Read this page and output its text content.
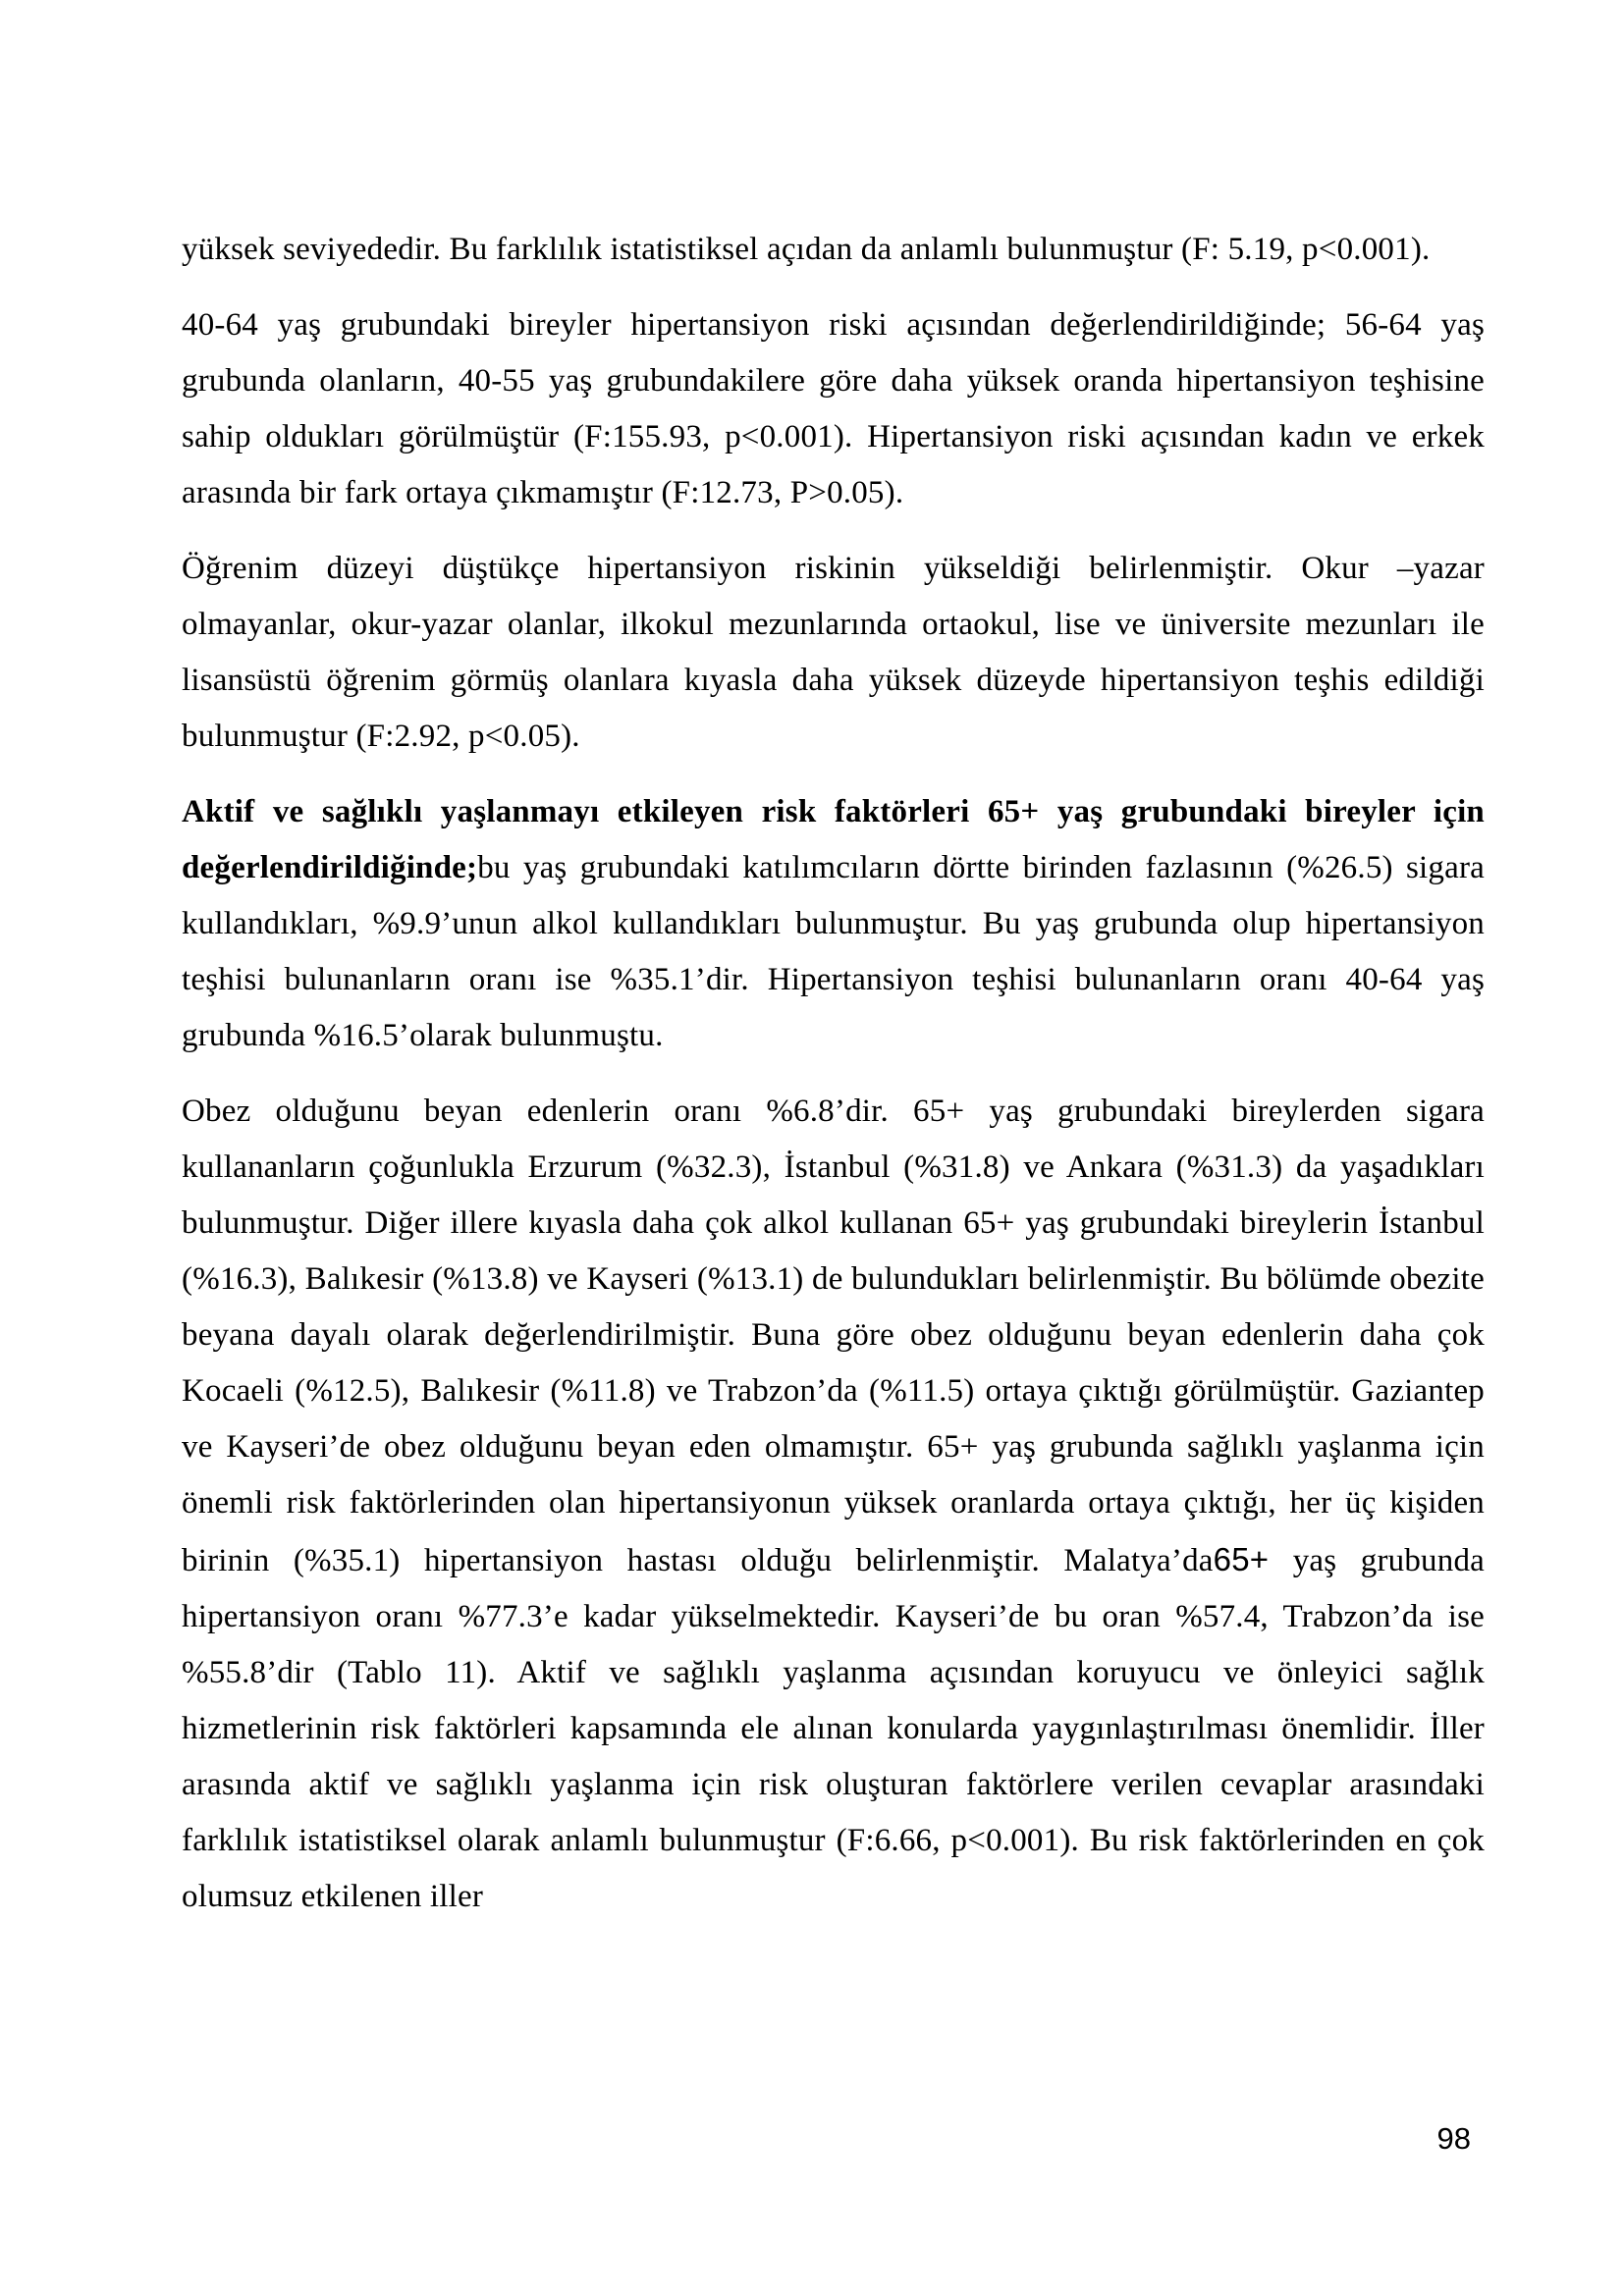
yüksek seviyededir. Bu farklılık istatistiksel açıdan da anlamlı bulunmuştur (F: 5.19, p<0.001).

40-64 yaş grubundaki bireyler hipertansiyon riski açısından değerlendirildiğinde; 56-64 yaş grubunda olanların, 40-55 yaş grubundakilere göre daha yüksek oranda hipertansiyon teşhisine sahip oldukları görülmüştür (F:155.93, p<0.001). Hipertansiyon riski açısından kadın ve erkek arasında bir fark ortaya çıkmamıştır (F:12.73, P>0.05).

Öğrenim düzeyi düştükçe hipertansiyon riskinin yükseldiği belirlenmiştir. Okur –yazar olmayanlar, okur-yazar olanlar, ilkokul mezunlarında ortaokul, lise ve üniversite mezunları ile lisansüstü öğrenim görmüş olanlara kıyasla daha yüksek düzeyde hipertansiyon teşhis edildiği bulunmuştur (F:2.92, p<0.05).

Aktif ve sağlıklı yaşlanmayı etkileyen risk faktörleri 65+ yaş grubundaki bireyler için değerlendirildiğinde;bu yaş grubundaki katılımcıların dörtte birinden fazlasının (%26.5) sigara kullandıkları, %9.9’unun alkol kullandıkları bulunmuştur. Bu yaş grubunda olup hipertansiyon teşhisi bulunanların oranı ise %35.1’dir. Hipertansiyon teşhisi bulunanların oranı 40-64 yaş grubunda %16.5’olarak bulunmuştu.

Obez olduğunu beyan edenlerin oranı %6.8’dir. 65+ yaş grubundaki bireylerden sigara kullananların çoğunlukla Erzurum (%32.3), İstanbul (%31.8) ve Ankara (%31.3) da yaşadıkları bulunmuştur. Diğer illere kıyasla daha çok alkol kullanan 65+ yaş grubundaki bireylerin İstanbul (%16.3), Balıkesir (%13.8) ve Kayseri (%13.1) de bulundukları belirlenmiştir. Bu bölümde obezite beyana dayalı olarak değerlendirilmiştir. Buna göre obez olduğunu beyan edenlerin daha çok Kocaeli (%12.5), Balıkesir (%11.8) ve Trabzon’da (%11.5) ortaya çıktığı görülmüştür. Gaziantep ve Kayseri’de obez olduğunu beyan eden olmamıştır. 65+ yaş grubunda sağlıklı yaşlanma için önemli risk faktörlerinden olan hipertansiyonun yüksek oranlarda ortaya çıktığı, her üç kişiden birinin (%35.1) hipertansiyon hastası olduğu belirlenmiştir. Malatya’da65+ yaş grubunda hipertansiyon oranı %77.3’e kadar yükselmektedir. Kayseri’de bu oran %57.4, Trabzon’da ise %55.8’dir (Tablo 11). Aktif ve sağlıklı yaşlanma açısından koruyucu ve önleyici sağlık hizmetlerinin risk faktörleri kapsamında ele alınan konularda yaygınlaştırılması önemlidir. İller arasında aktif ve sağlıklı yaşlanma için risk oluşturan faktörlere verilen cevaplar arasındaki farklılık istatistiksel olarak anlamlı bulunmuştur (F:6.66, p<0.001). Bu risk faktörlerinden en çok olumsuz etkilenen iller

98
